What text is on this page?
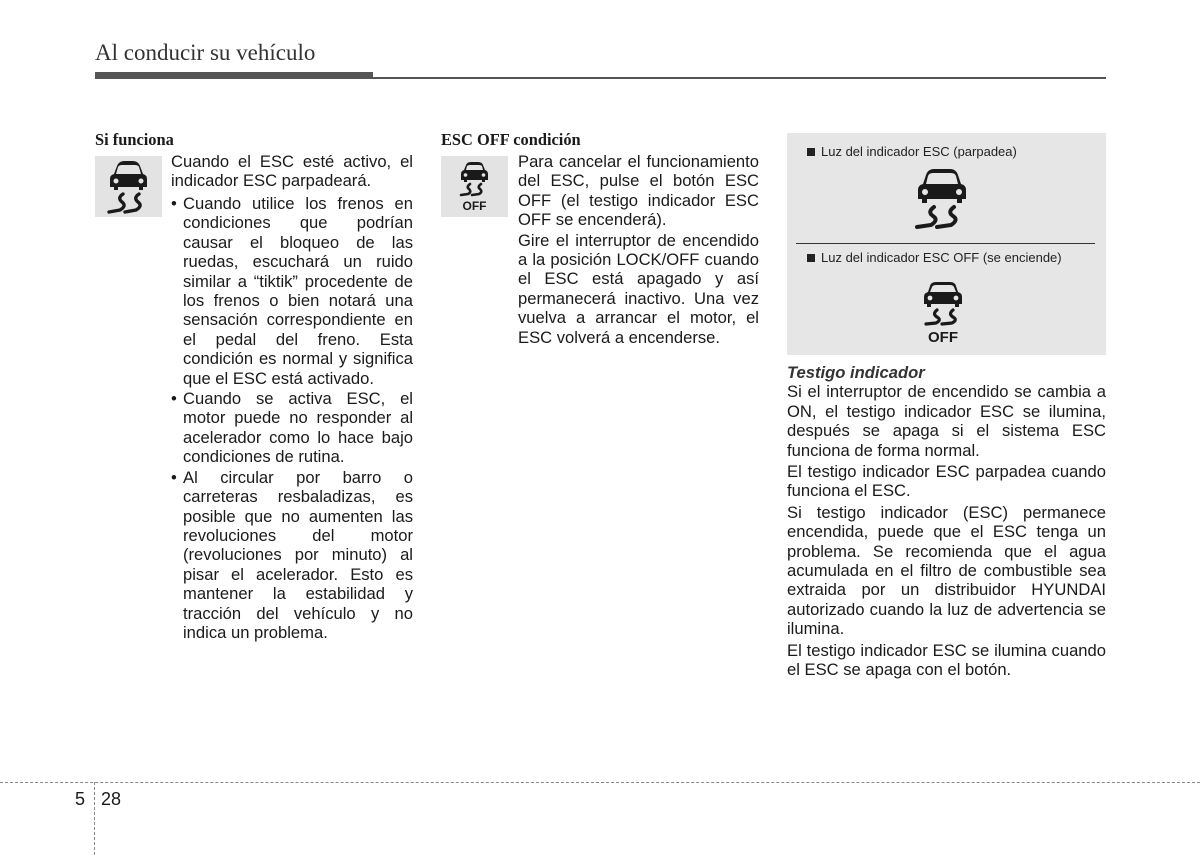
Al conducir su vehículo
Si funciona
Cuando el ESC esté activo, el indicador ESC parpadeará.

• Cuando utilice los frenos en condiciones que podrían causar el bloqueo de las ruedas, escuchará un ruido similar a “tiktik” procedente de los frenos o bien notará una sensación correspondiente en el pedal del freno. Esta condición es normal y significa que el ESC está activado.

• Cuando se activa ESC, el motor puede no responder al acelerador como lo hace bajo condiciones de rutina.

• Al circular por barro o carreteras resbaladizas, es posible que no aumenten las revoluciones del motor (revoluciones por minuto) al pisar el acelerador. Esto es mantener la estabilidad y tracción del vehículo y no indica un problema.

ESC OFF condición
OFF

Para cancelar el funcionamiento del ESC, pulse el botón ESC OFF (el testigo indicador ESC OFF se encenderá).

Gire el interruptor de encendido a la posición LOCK/OFF cuando el ESC está apagado y así permanecerá inactivo. Una vez vuelva a arrancar el motor, el ESC volverá a encenderse.

Luz del indicador ESC (parpadea)
Luz del indicador ESC OFF (se enciende)
OFF

Testigo indicador

Si el interruptor de encendido se cambia a ON, el testigo indicador ESC se ilumina, después se apaga si el sistema ESC funciona de forma normal.

El testigo indicador ESC parpadea cuando funciona el ESC.

Si testigo indicador (ESC) permanece encendida, puede que el ESC tenga un problema. Se recomienda que el agua acumulada en el filtro de combustible sea extraida por un distribuidor HYUNDAI autorizado cuando la luz de advertencia se ilumina.

El testigo indicador ESC se ilumina cuando el ESC se apaga con el botón.

5 28
